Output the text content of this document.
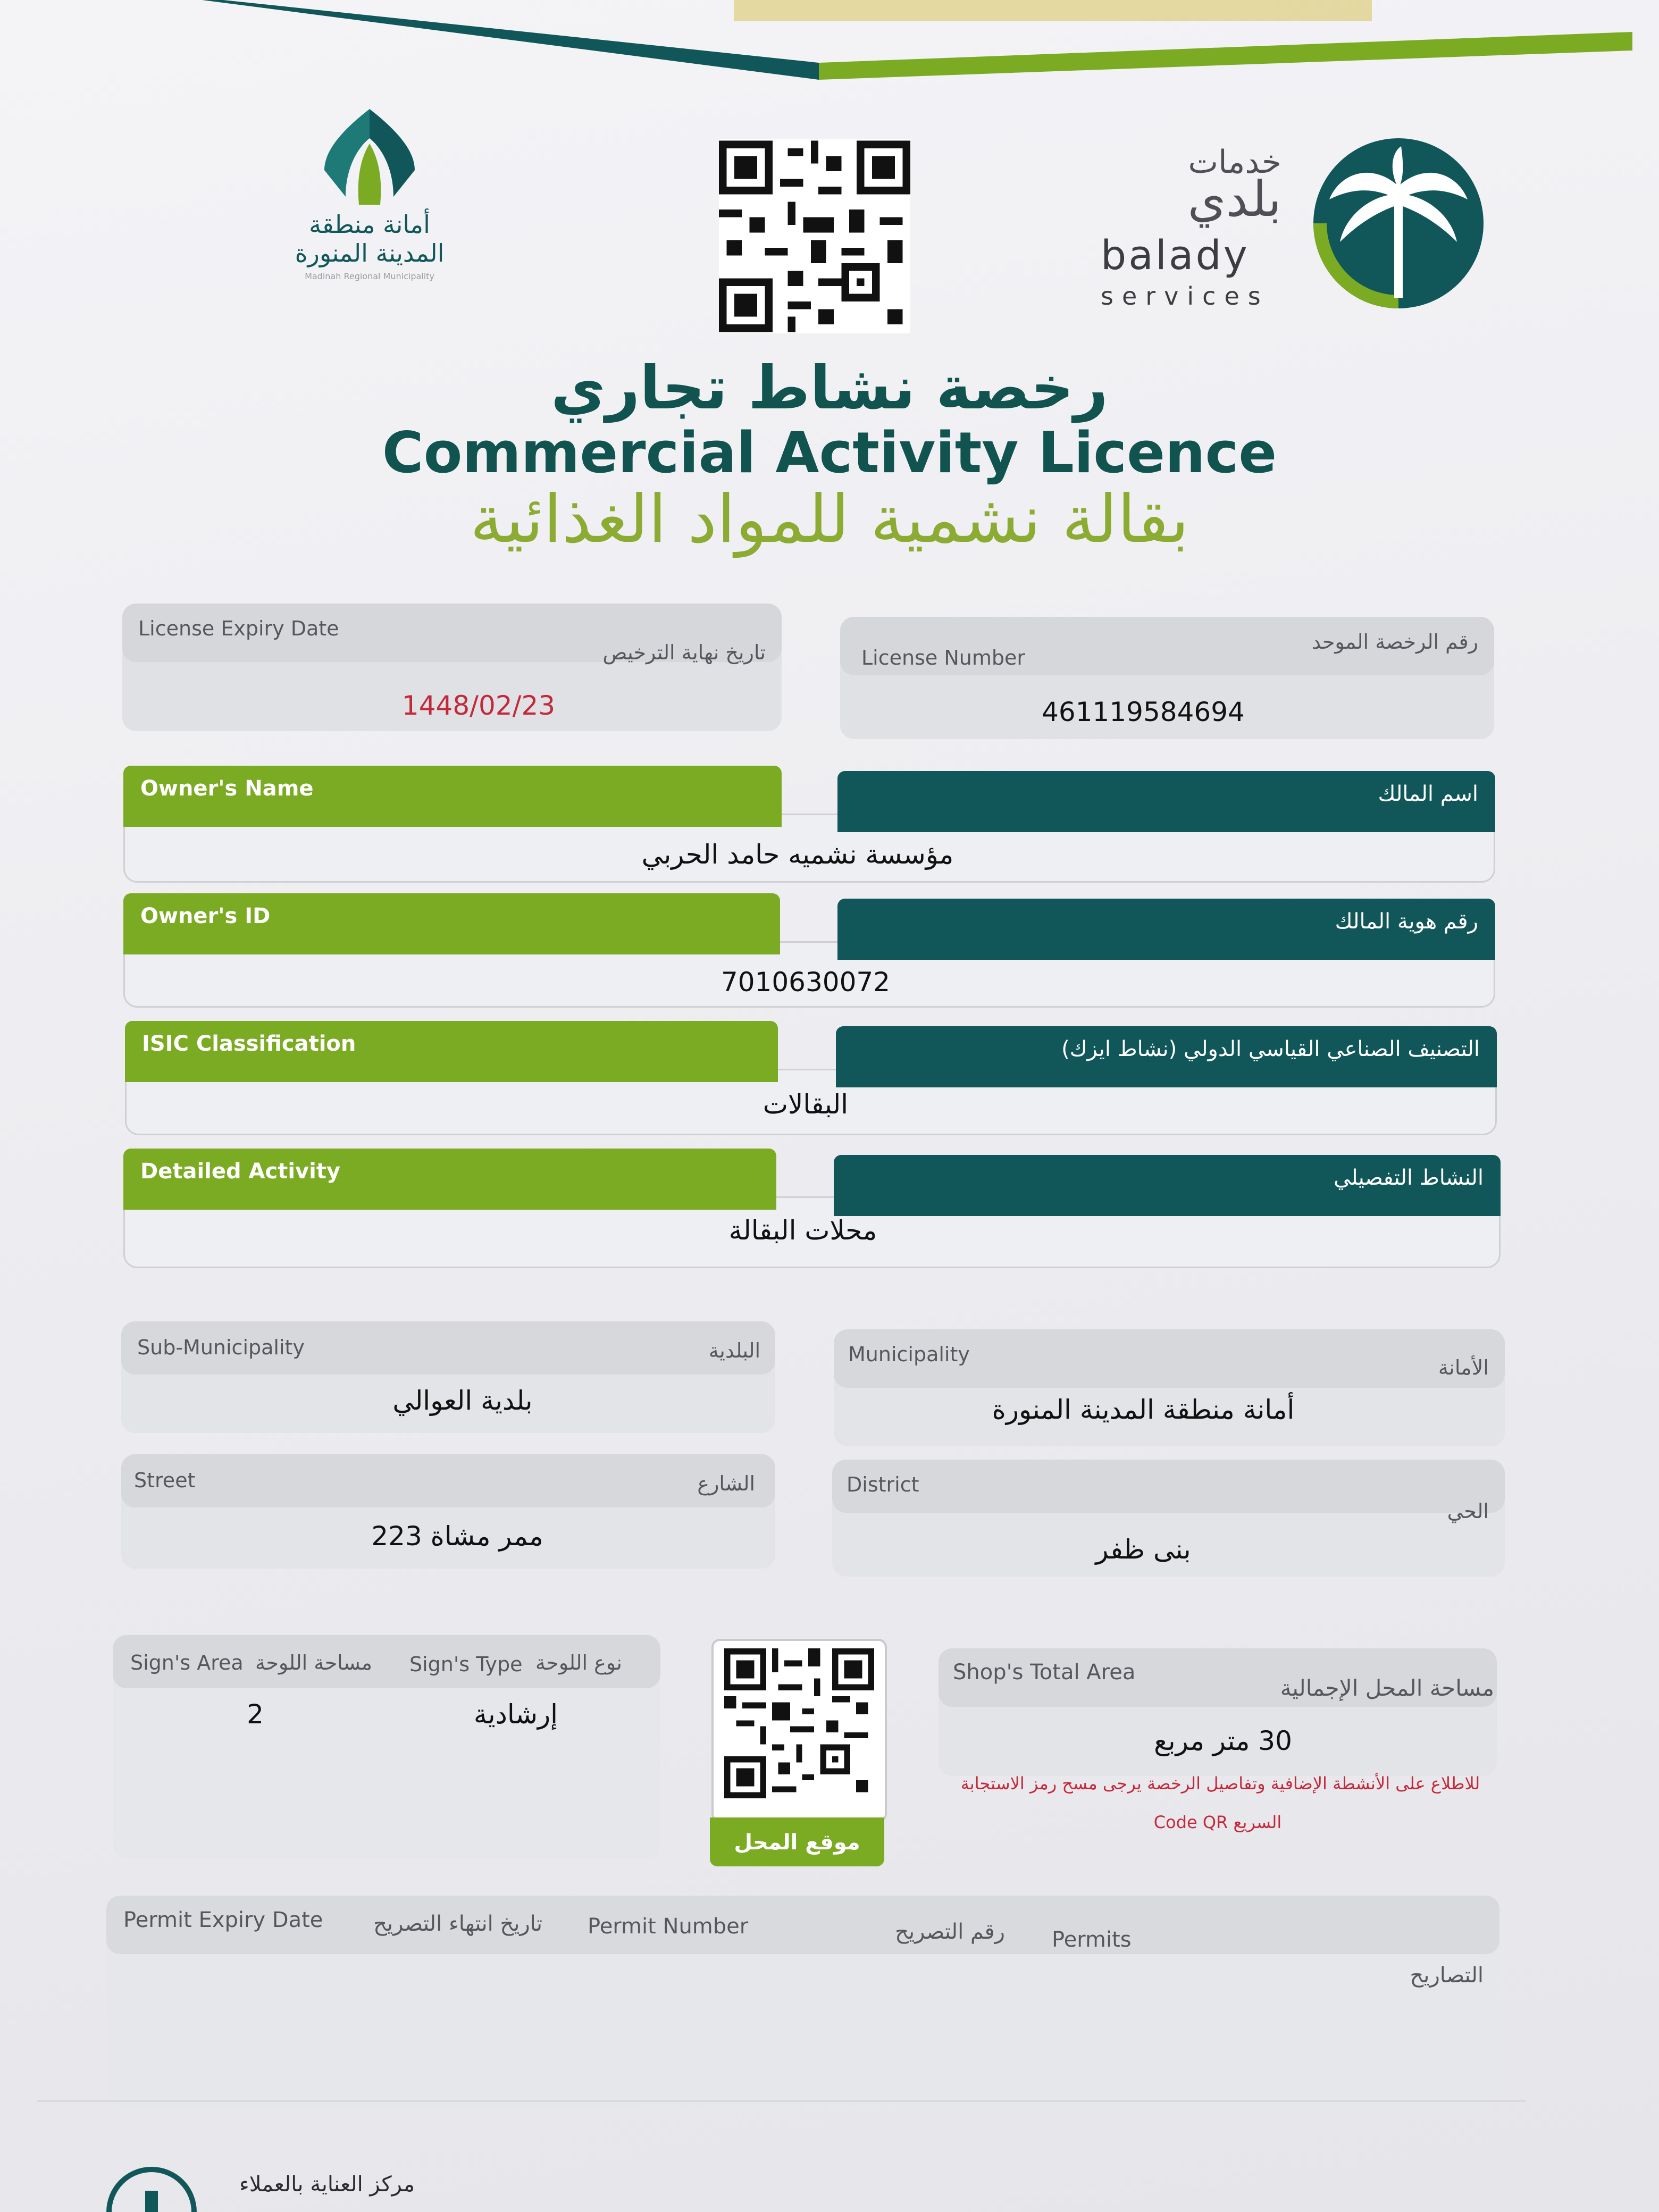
أمانة منطقة
المدينة المنورة
Madinah Regional Municipality
خدمات
بلدي
balady
services
رخصة نشاط تجاري
Commercial Activity Licence
بقالة نشمية للمواد الغذائية
License Expiry Date
تاريخ نهاية الترخيص
1448/02/23
License Number
رقم الرخصة الموحد
461119584694
Owner's Name	اسم المالك
مؤسسة نشميه حامد الحربي
Owner's ID	رقم هوية المالك
7010630072
ISIC Classification	التصنيف الصناعي القياسي الدولي (نشاط ايزك)
البقالات
Detailed Activity	النشاط التفصيلي
محلات البقالة
Sub-Municipality	البلدية
بلدية العوالي
Municipality
الأمانة
أمانة منطقة المدينة المنورة
Street	الشارع
ممر مشاة 223
District
الحي
بنى ظفر
Sign's Area مساحة اللوحة Sign's Type نوع اللوحة
2	إرشادية
موقع المحل
Shop's Total Area
مساحة المحل الإجمالية
30 متر مربع
للاطلاع على الأنشطة الإضافية وتفاصيل الرخصة يرجى مسح رمز الاستجابة
السريع Code QR
Permit Expiry Date	تاريخ انتهاء التصريح Permit Number	رقم التصريح Permits
التصاريح
مركز العناية بالعملاء
